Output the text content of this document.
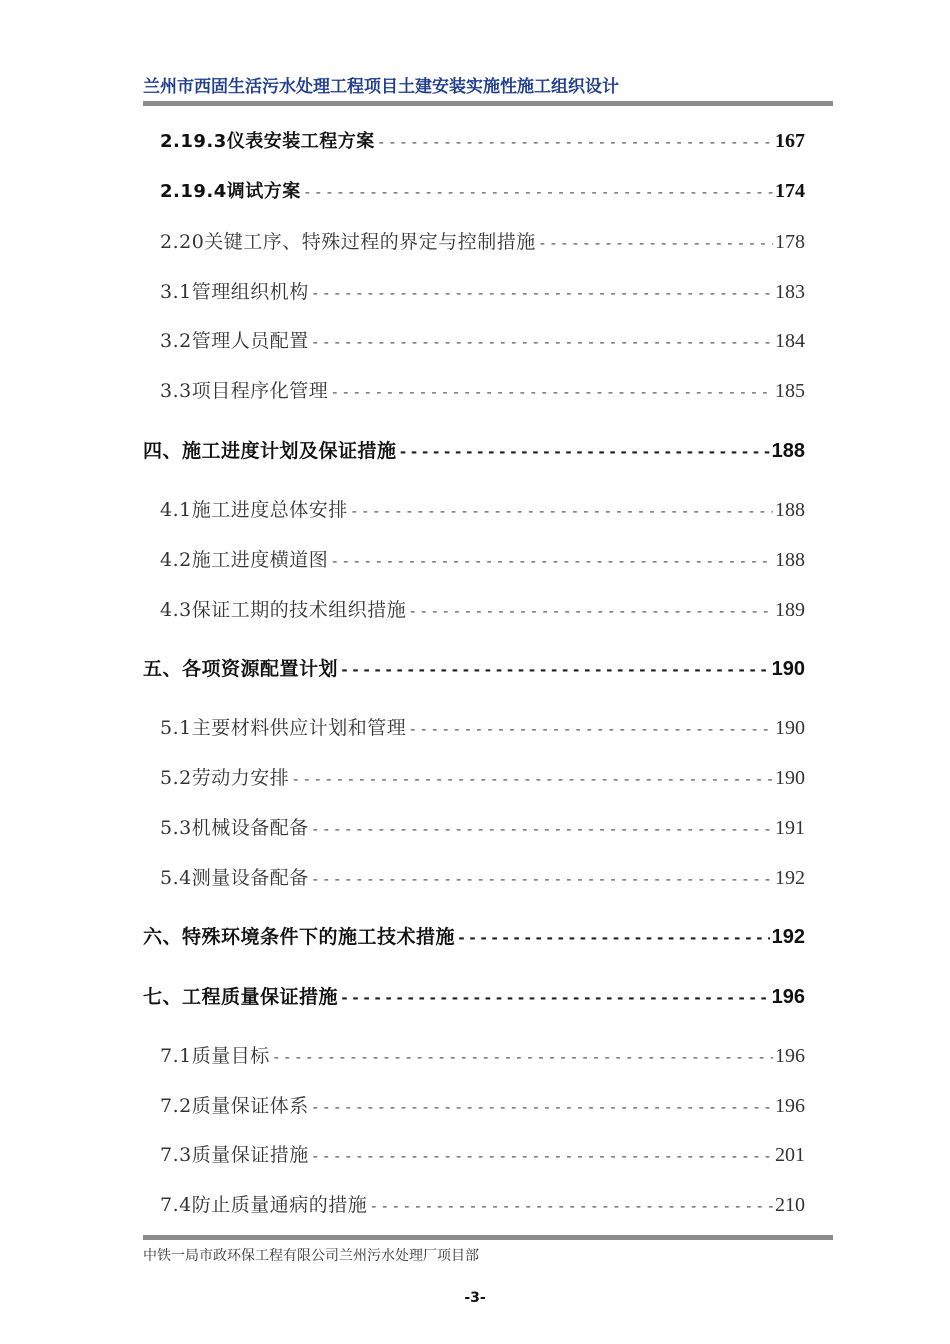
兰州市西固生活污水处理工程项目土建安装实施性施工组织设计
2.19.3仪表安装工程方案 -----	167
2.19.4调试方案 -----	174
2.20关键工序、特殊过程的界定与控制措施 -----	178
3.1管理组织机构 -----	183
3.2管理人员配置 -----	184
3.3项目程序化管理 -----	185
四、施工进度计划及保证措施 -----	188
4.1施工进度总体安排 -----	188
4.2施工进度横道图 -----	188
4.3保证工期的技术组织措施 -----	189
五、各项资源配置计划 -----	190
5.1主要材料供应计划和管理 -----	190
5.2劳动力安排 -----	190
5.3机械设备配备 -----	191
5.4测量设备配备 -----	192
六、特殊环境条件下的施工技术措施 -----	192
七、工程质量保证措施 -----	196
7.1质量目标 -----	196
7.2质量保证体系 -----	196
7.3质量保证措施 -----	201
7.4防止质量通病的措施 -----	210
中铁一局市政环保工程有限公司兰州污水处理厂项目部
-3-
